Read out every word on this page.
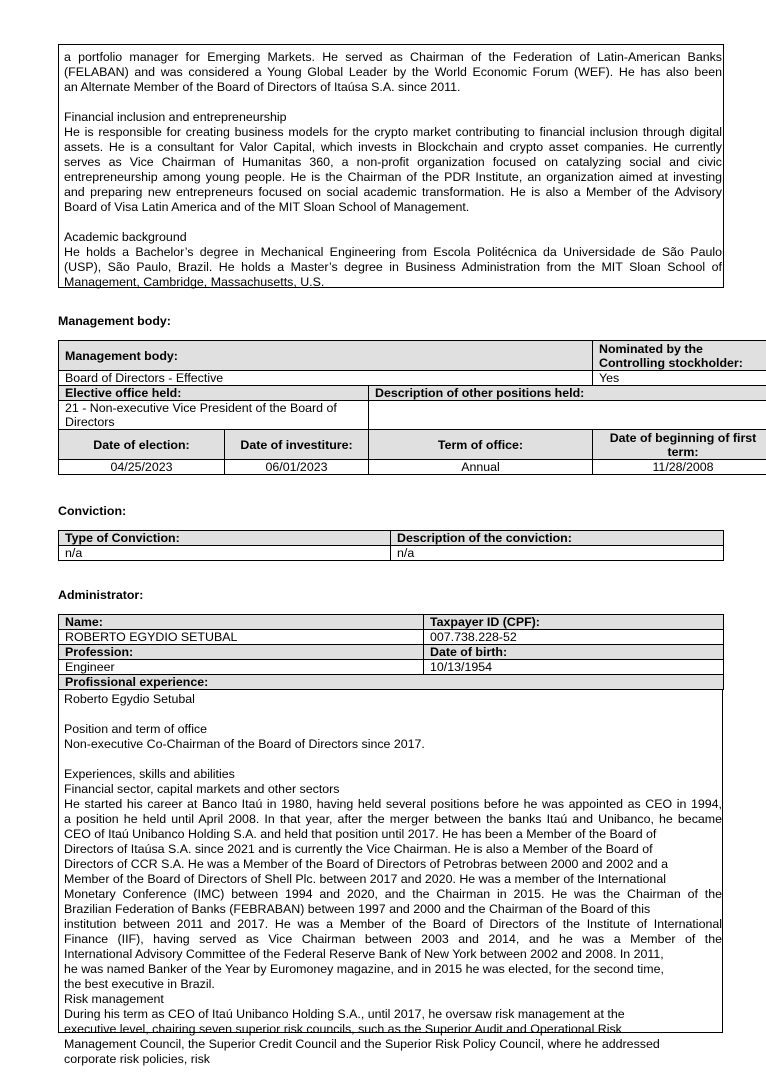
a portfolio manager for Emerging Markets. He served as Chairman of the Federation of Latin-American Banks
(FELABAN) and was considered a Young Global Leader by the World Economic Forum (WEF). He has also been
an Alternate Member of the Board of Directors of Itaúsa S.A. since 2011.

Financial inclusion and entrepreneurship
He is responsible for creating business models for the crypto market contributing to financial inclusion through digital
assets. He is a consultant for Valor Capital, which invests in Blockchain and crypto asset companies. He currently
serves as Vice Chairman of Humanitas 360, a non-profit organization focused on catalyzing social and civic
entrepreneurship among young people. He is the Chairman of the PDR Institute, an organization aimed at investing
and preparing new entrepreneurs focused on social academic transformation. He is also a Member of the Advisory
Board of Visa Latin America and of the MIT Sloan School of Management.

Academic background
He holds a Bachelor’s degree in Mechanical Engineering from Escola Politécnica da Universidade de São Paulo
(USP), São Paulo, Brazil. He holds a Master’s degree in Business Administration from the MIT Sloan School of
Management, Cambridge, Massachusetts, U.S.
Management body:
Management body:			Nominated by the Controlling stockholder:
Board of Directors - Effective			Yes
Elective office held:		Description of other positions held:	
21 - Non-executive Vice President of the Board of Directors			
Date of election:	Date of investiture:	Term of office:	Date of beginning of first term:
04/25/2023	06/01/2023	Annual	11/28/2008
Conviction:
Type of Conviction:	Description of the conviction:
n/a	n/a
Administrator:
Name:	Taxpayer ID (CPF):
ROBERTO EGYDIO SETUBAL	007.738.228-52
Profession:	Date of birth:
Engineer	10/13/1954
Profissional experience:	
Roberto Egydio Setubal

Position and term of office
Non-executive Co-Chairman of the Board of Directors since 2017.

Experiences, skills and abilities
Financial sector, capital markets and other sectors
He started his career at Banco Itaú in 1980, having held several positions before he was appointed as CEO in 1994,
a position he held until April 2008. In that year, after the merger between the banks Itaú and Unibanco, he became
CEO of Itaú Unibanco Holding S.A. and held that position until 2017. He has been a Member of the Board of
Directors of Itaúsa S.A. since 2021 and is currently the Vice Chairman. He is also a Member of the Board of
Directors of CCR S.A. He was a Member of the Board of Directors of Petrobras between 2000 and 2002 and a
Member of the Board of Directors of Shell Plc. between 2017 and 2020. He was a member of the International
Monetary Conference (IMC) between 1994 and 2020, and the Chairman in 2015. He was the Chairman of the
Brazilian Federation of Banks (FEBRABAN) between 1997 and 2000 and the Chairman of the Board of this
institution between 2011 and 2017. He was a Member of the Board of Directors of the Institute of International
Finance (IIF), having served as Vice Chairman between 2003 and 2014, and he was a Member of the
International Advisory Committee of the Federal Reserve Bank of New York between 2002 and 2008. In 2011,
he was named Banker of the Year by Euromoney magazine, and in 2015 he was elected, for the second time,
the best executive in Brazil.
Risk management
During his term as CEO of Itaú Unibanco Holding S.A., until 2017, he oversaw risk management at the
executive level, chairing seven superior risk councils, such as the Superior Audit and Operational Risk
Management Council, the Superior Credit Council and the Superior Risk Policy Council, where he addressed
corporate risk policies, risk
